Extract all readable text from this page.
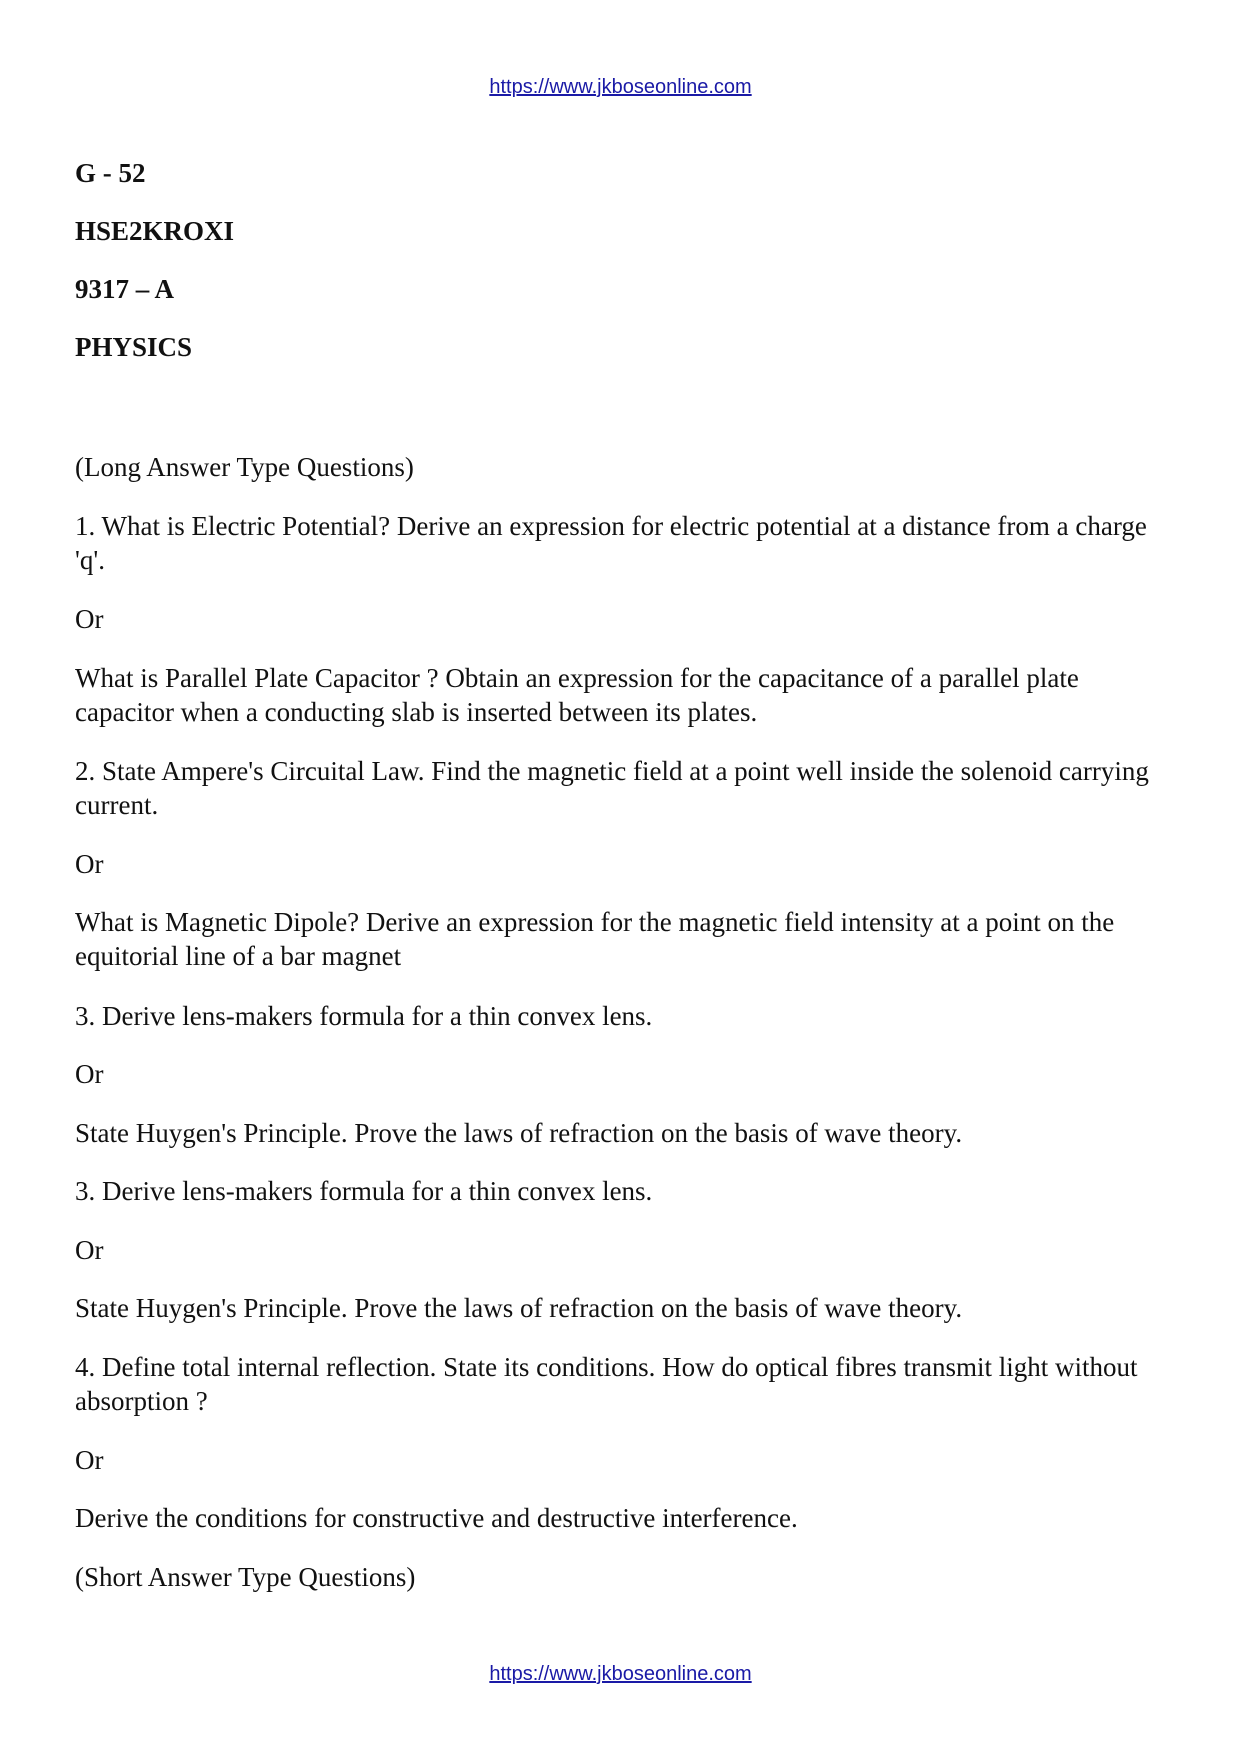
https://www.jkboseonline.com

G - 52

HSE2KROXI

9317 – A

PHYSICS

(Long Answer Type Questions)

1. What is Electric Potential? Derive an expression for electric potential at a distance from a charge 'q'.

Or

What is Parallel Plate Capacitor ? Obtain an expression for the capacitance of a parallel plate capacitor when a conducting slab is inserted between its plates.

2. State Ampere's Circuital Law. Find the magnetic field at a point well inside the solenoid carrying current.

Or

What is Magnetic Dipole? Derive an expression for the magnetic field intensity at a point on the equitorial line of a bar magnet

3. Derive lens-makers formula for a thin convex lens.

Or

State Huygen's Principle. Prove the laws of refraction on the basis of wave theory.

3. Derive lens-makers formula for a thin convex lens.

Or

State Huygen's Principle. Prove the laws of refraction on the basis of wave theory.

4. Define total internal reflection. State its conditions. How do optical fibres transmit light without absorption ?

Or

Derive the conditions for constructive and destructive interference.

(Short Answer Type Questions)

https://www.jkboseonline.com
